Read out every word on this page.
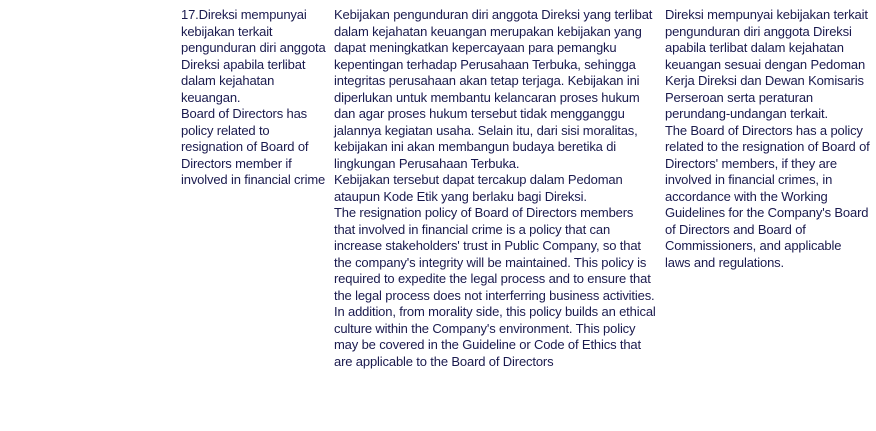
17.Direksi mempunyai kebijakan terkait pengunduran diri anggota Direksi apabila terlibat dalam kejahatan keuangan.

Board of Directors has policy related to resignation of Board of Directors member if involved in financial crime

Kebijakan pengunduran diri anggota Direksi yang terlibat dalam kejahatan keuangan merupakan kebijakan yang dapat meningkatkan kepercayaan para pemangku kepentingan terhadap Perusahaan Terbuka, sehingga integritas perusahaan akan tetap terjaga. Kebijakan ini diperlukan untuk membantu kelancaran proses hukum dan agar proses hukum tersebut tidak mengganggu jalannya kegiatan usaha. Selain itu, dari sisi moralitas, kebijakan ini akan membangun budaya beretika di lingkungan Perusahaan Terbuka.

Kebijakan tersebut dapat tercakup dalam Pedoman ataupun Kode Etik yang berlaku bagi Direksi.

The resignation policy of Board of Directors members that involved in financial crime is a policy that can increase stakeholders' trust in Public Company, so that the company's integrity will be maintained. This policy is required to expedite the legal process and to ensure that the legal process does not interferring business activities. In addition, from morality side, this policy builds an ethical culture within the Company's environment. This policy may be covered in the Guideline or Code of Ethics that are applicable to the Board of Directors

Direksi mempunyai kebijakan terkait pengunduran diri anggota Direksi apabila terlibat dalam kejahatan keuangan sesuai dengan Pedoman Kerja Direksi dan Dewan Komisaris Perseroan serta peraturan perundang-undangan terkait.

The Board of Directors has a policy related to the resignation of Board of Directors' members, if they are involved in financial crimes, in accordance with the Working Guidelines for the Company's Board of Directors and Board of Commissioners, and applicable laws and regulations.
